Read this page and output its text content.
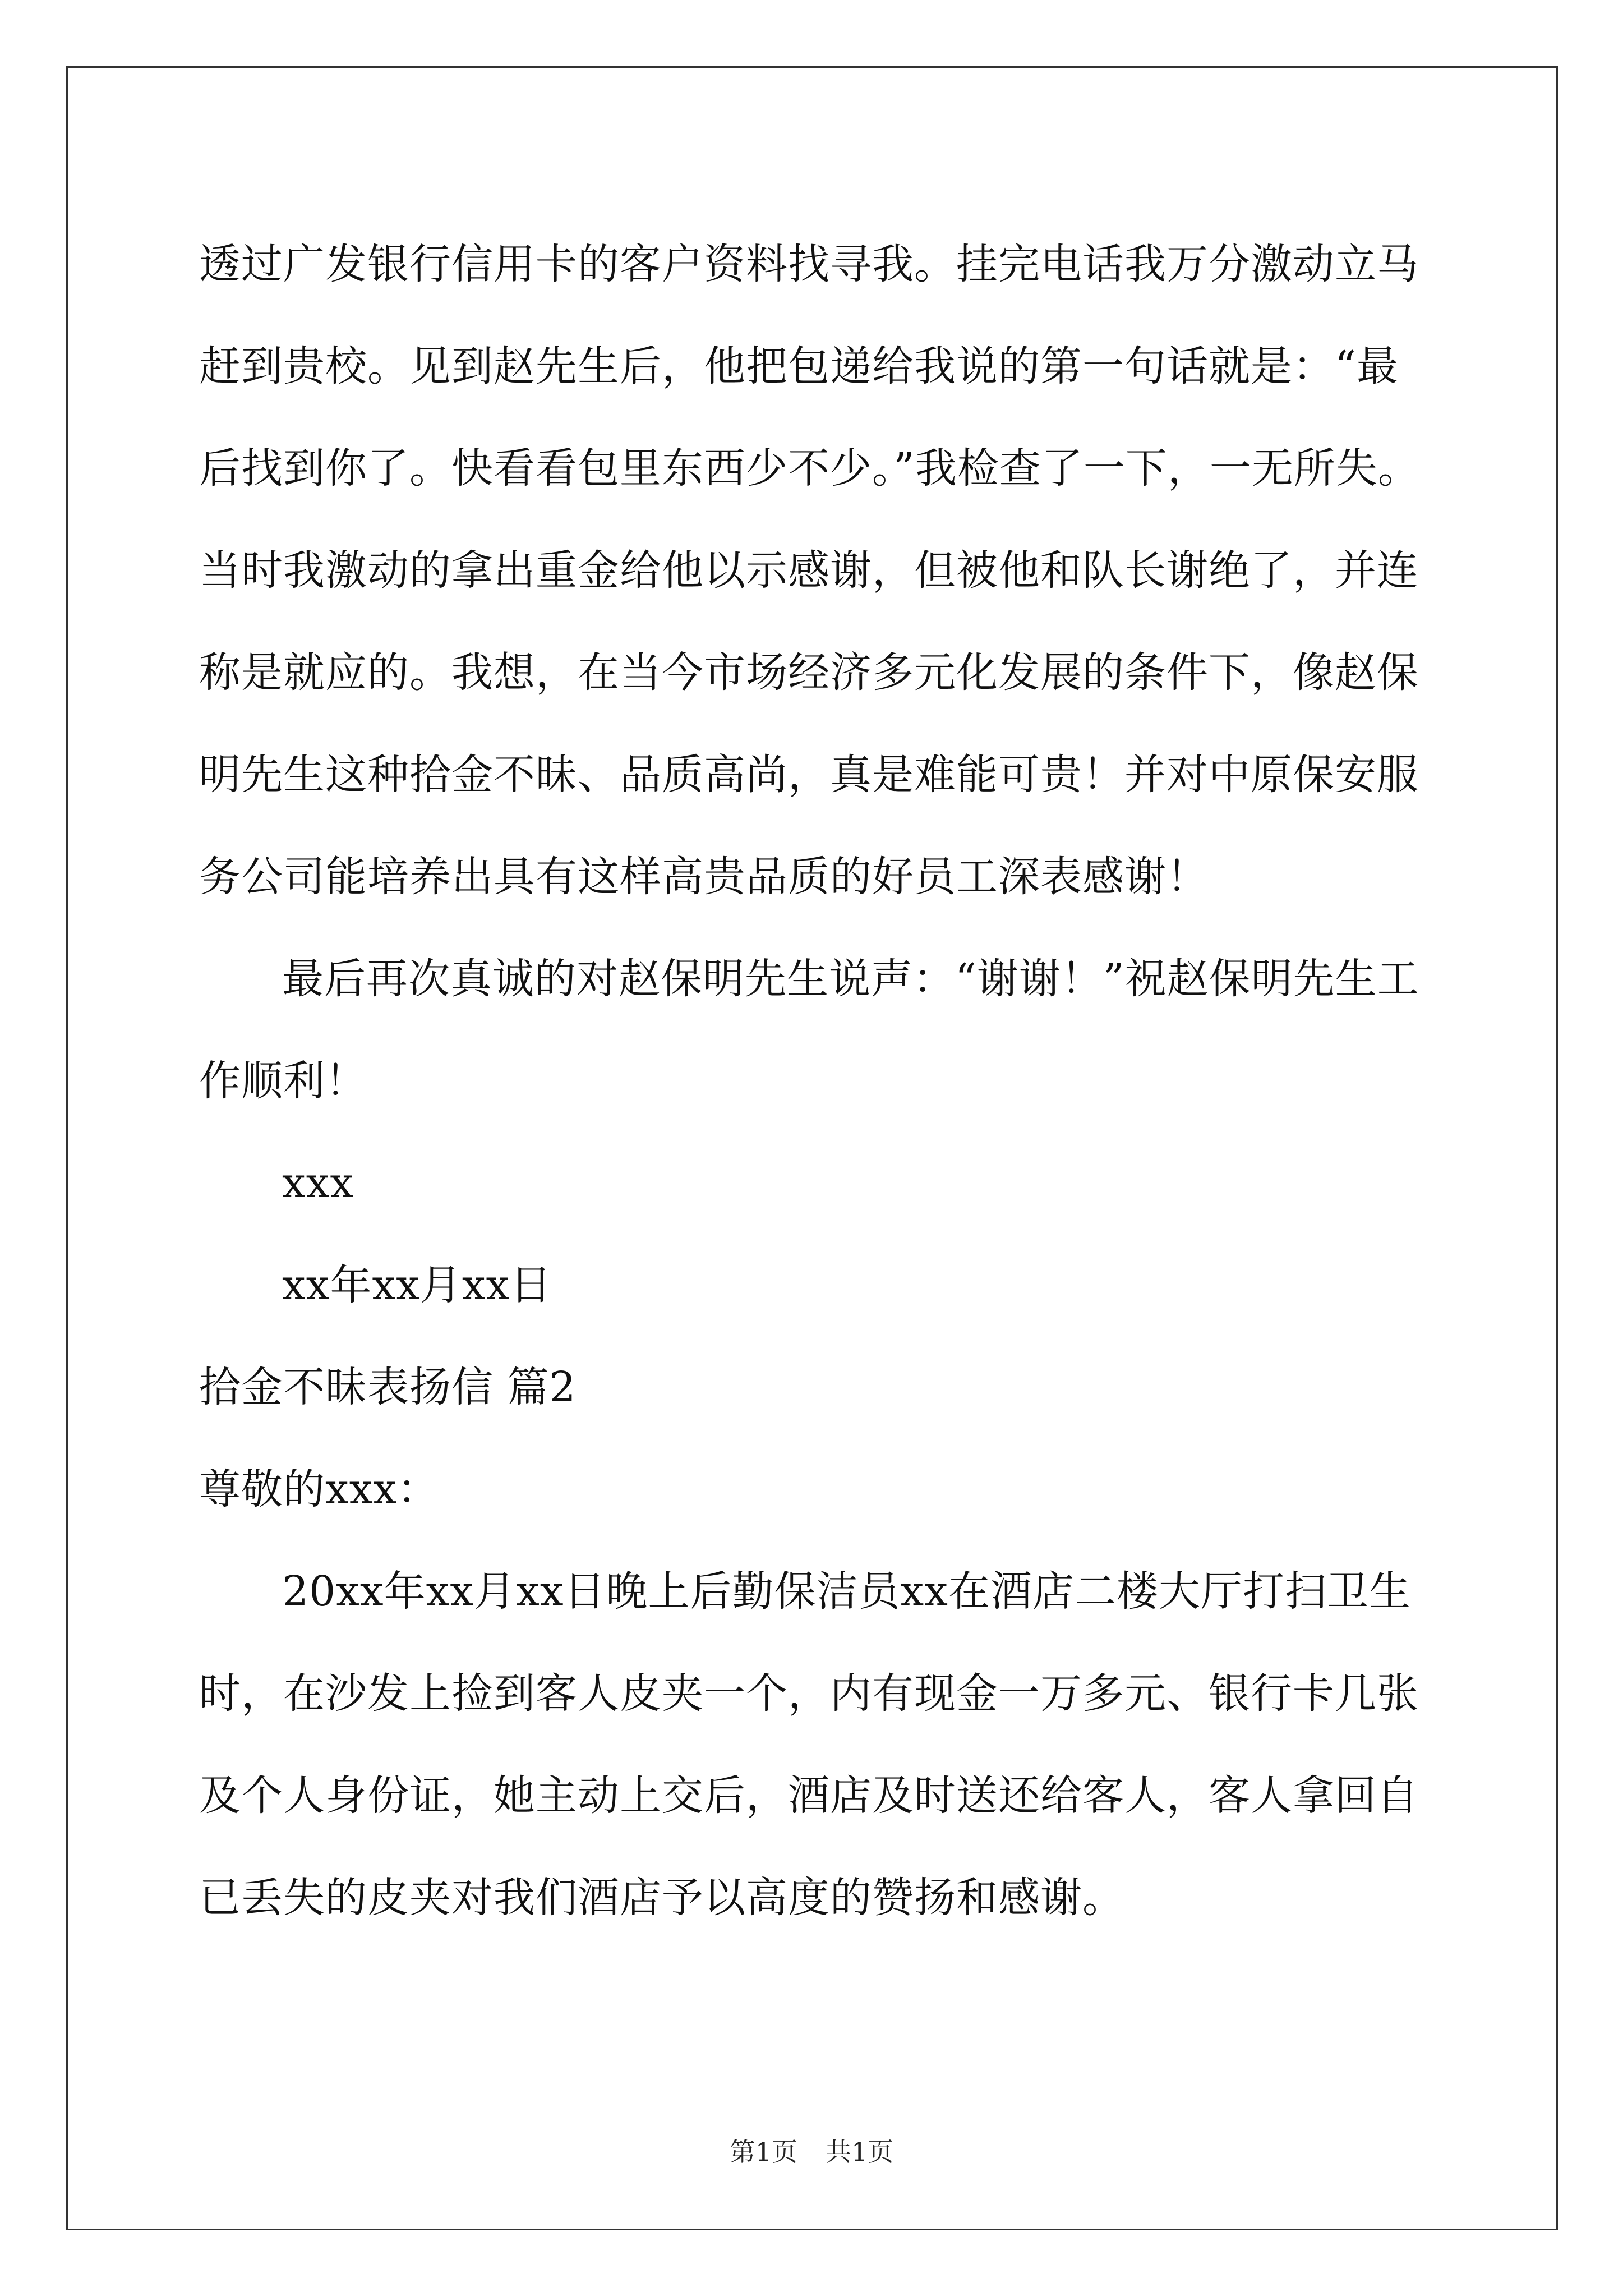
透过广发银行信用卡的客户资料找寻我。挂完电话我万分激动立马赶到贵校。见到赵先生后，他把包递给我说的第一句话就是：“最后找到你了。快看看包里东西少不少。”我检查了一下，一无所失。当时我激动的拿出重金给他以示感谢，但被他和队长谢绝了，并连称是就应的。我想，在当今市场经济多元化发展的条件下，像赵保明先生这种拾金不昧、品质高尚，真是难能可贵！并对中原保安服务公司能培养出具有这样高贵品质的好员工深表感谢！

最后再次真诚的对赵保明先生说声：“谢谢！”祝赵保明先生工作顺利！

xxx

xx年xx月xx日

拾金不昧表扬信 篇2

尊敬的xxx：

20xx年xx月xx日晚上后勤保洁员xx在酒店二楼大厅打扫卫生时，在沙发上捡到客人皮夹一个，内有现金一万多元、银行卡几张及个人身份证，她主动上交后，酒店及时送还给客人，客人拿回自已丢失的皮夹对我们酒店予以高度的赞扬和感谢。

第1页 共1页
